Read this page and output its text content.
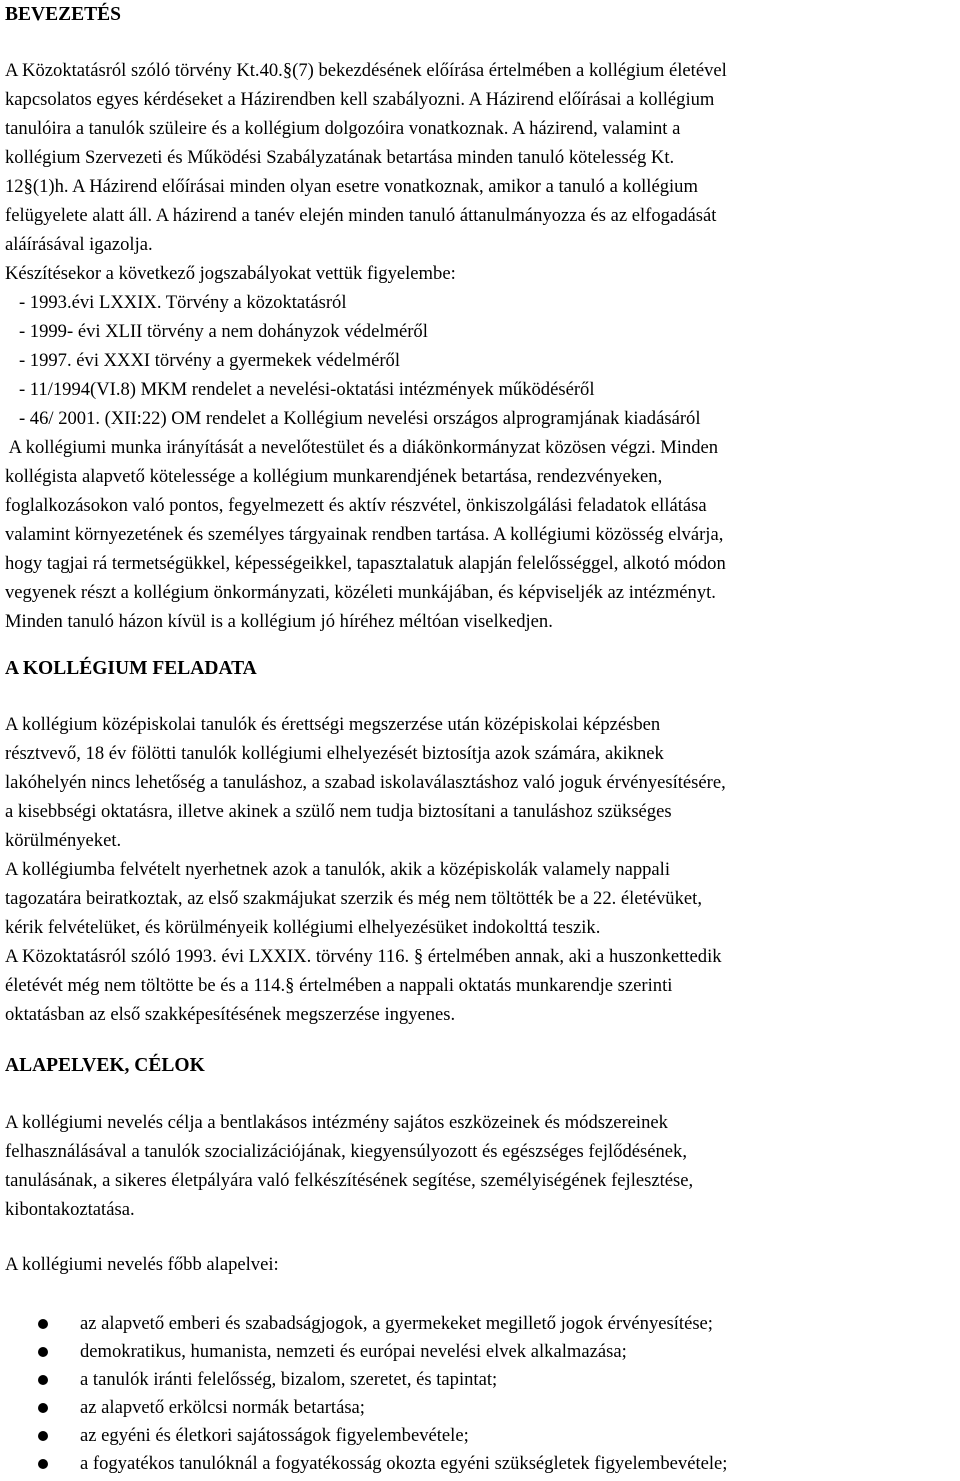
BEVEZETÉS
A Közoktatásról szóló törvény Kt.40.§(7) bekezdésének előírása értelmében a kollégium életével
kapcsolatos egyes kérdéseket a Házirendben kell szabályozni. A Házirend előírásai a kollégium
tanulóira a tanulók szüleire és a kollégium dolgozóira vonatkoznak. A házirend, valamint a
kollégium Szervezeti és Működési Szabályzatának betartása minden tanuló kötelesség Kt.
12§(1)h. A Házirend előírásai minden olyan esetre vonatkoznak, amikor a tanuló a kollégium
felügyelete alatt áll. A házirend a tanév elején minden tanuló áttanulmányozza és az elfogadását
aláírásával igazolja.
Készítésekor a következő jogszabályokat vettük figyelembe:
- 1993.évi LXXIX. Törvény a közoktatásról
- 1999- évi XLII törvény a nem dohányzok védelméről
- 1997. évi XXXI törvény a gyermekek védelméről
- 11/1994(VI.8) MKM rendelet a nevelési-oktatási intézmények működéséről
- 46/ 2001. (XII:22) OM rendelet a Kollégium nevelési országos alprogramjának kiadásáról
A kollégiumi munka irányítását a nevelőtestület és a diákönkormányzat közösen végzi. Minden
kollégista alapvető kötelessége a kollégium munkarendjének betartása, rendezvényeken,
foglalkozásokon való pontos, fegyelmezett és aktív részvétel, önkiszolgálási feladatok ellátása
valamint környezetének és személyes tárgyainak rendben tartása. A kollégiumi közösség elvárja,
hogy tagjai rá termetségükkel, képességeikkel, tapasztalatuk alapján felelősséggel, alkotó módon
vegyenek részt a kollégium önkormányzati, közéleti munkájában, és képviseljék az intézményt.
Minden tanuló házon kívül is a kollégium jó híréhez méltóan viselkedjen.
A KOLLÉGIUM FELADATA
A kollégium középiskolai tanulók és érettségi megszerzése után középiskolai képzésben
résztvevő, 18 év fölötti tanulók kollégiumi elhelyezését biztosítja azok számára, akiknek
lakóhelyén nincs lehetőség a tanuláshoz, a szabad iskolaválasztáshoz való joguk érvényesítésére,
a kisebbségi oktatásra, illetve akinek a szülő nem tudja biztosítani a tanuláshoz szükséges
körülményeket.
A kollégiumba felvételt nyerhetnek azok a tanulók, akik a középiskolák valamely nappali
tagozatára beiratkoztak, az első szakmájukat szerzik és még nem töltötték be a 22. életévüket,
kérik felvételüket, és körülményeik kollégiumi elhelyezésüket indokolttá teszik.
A Közoktatásról szóló 1993. évi LXXIX. törvény 116. § értelmében annak, aki a huszonkettedik
életévét még nem töltötte be és a 114.§ értelmében a nappali oktatás munkarendje szerinti
oktatásban az első szakképesítésének megszerzése ingyenes.
ALAPELVEK, CÉLOK
A kollégiumi nevelés célja a bentlakásos intézmény sajátos eszközeinek és módszereinek
felhasználásával a tanulók szocializációjának, kiegyensúlyozott és egészséges fejlődésének,
tanulásának, a sikeres életpályára való felkészítésének segítése, személyiségének fejlesztése,
kibontakoztatása.
A kollégiumi nevelés főbb alapelvei:
az alapvető emberi és szabadságjogok, a gyermekeket megillető jogok érvényesítése;
demokratikus, humanista, nemzeti és európai nevelési elvek alkalmazása;
a tanulók iránti felelősség, bizalom, szeretet, és tapintat;
az alapvető erkölcsi normák betartása;
az egyéni és életkori sajátosságok figyelembevétele;
a fogyatékos tanulóknál a fogyatékosság okozta egyéni szükségletek figyelembevétele;
